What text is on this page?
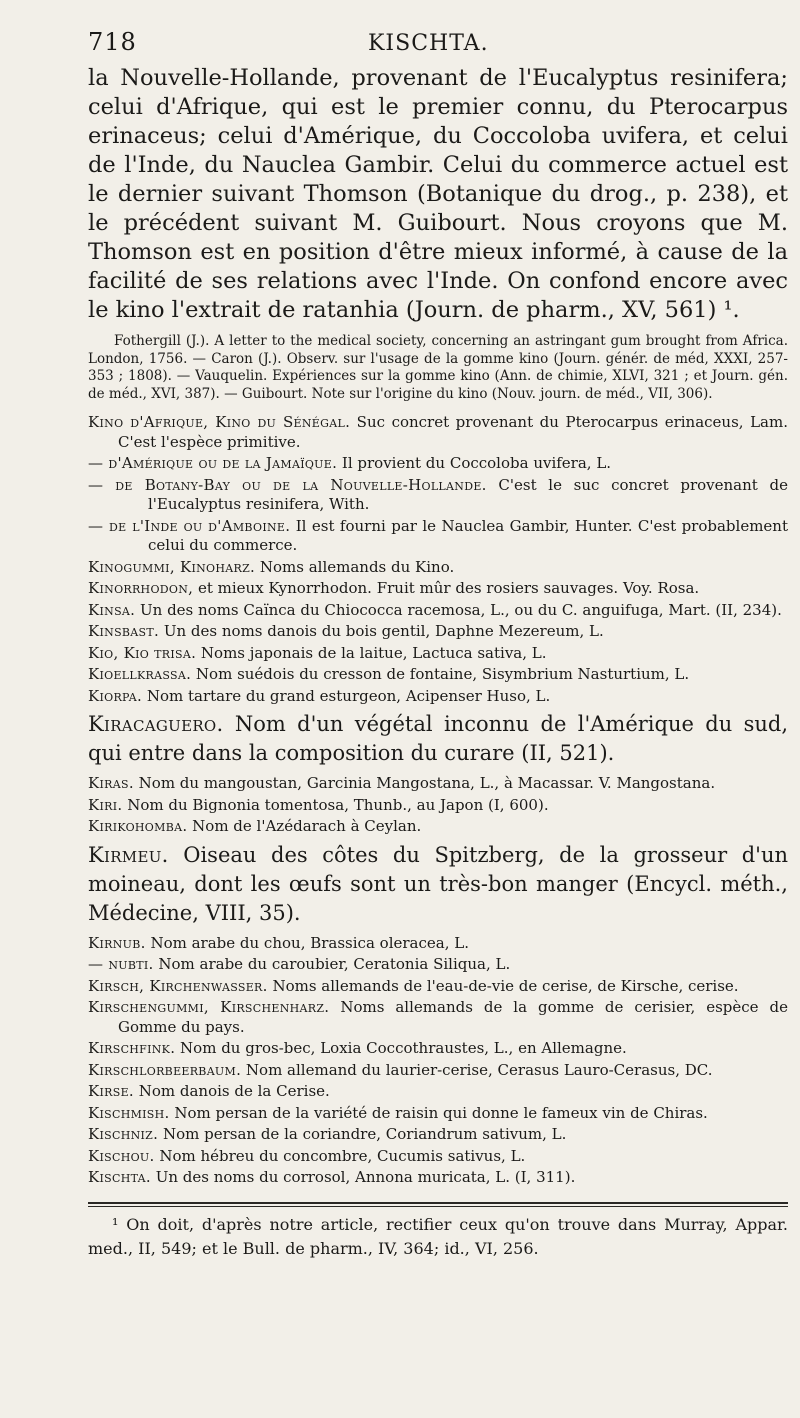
718	KISCHTA.

la Nouvelle-Hollande, provenant de l'Eucalyptus resinifera; celui d'Afrique, qui est le premier connu, du Pterocarpus erinaceus; celui d'Amérique, du Coccoloba uvifera, et celui de l'Inde, du Nauclea Gambir. Celui du commerce actuel est le dernier suivant Thomson (Botanique du drog., p. 238), et le précédent suivant M. Guibourt. Nous croyons que M. Thomson est en position d'être mieux informé, à cause de la facilité de ses relations avec l'Inde. On confond encore avec le kino l'extrait de ratanhia (Journ. de pharm., XV, 561) ¹.

Fothergill (J.). A letter to the medical society, concerning an astringant gum brought from Africa. London, 1756. — Caron (J.). Observ. sur l'usage de la gomme kino (Journ. génér. de méd, XXXI, 257-353 ; 1808). — Vauquelin. Expériences sur la gomme kino (Ann. de chimie, XLVI, 321 ; et Journ. gén. de méd., XVI, 387). — Guibourt. Note sur l'origine du kino (Nouv. journ. de méd., VII, 306).

Kino d'Afrique, Kino du Sénégal. Suc concret provenant du Pterocarpus erinaceus, Lam. C'est l'espèce primitive.

— d'Amérique ou de la Jamaïque. Il provient du Coccoloba uvifera, L.

— de Botany-Bay ou de la Nouvelle-Hollande. C'est le suc concret provenant de l'Eucalyptus resinifera, With.

— de l'Inde ou d'Amboine. Il est fourni par le Nauclea Gambir, Hunter. C'est probablement celui du commerce.

Kinogummi, Kinoharz. Noms allemands du Kino.

Kinorrhodon, et mieux Kynorrhodon. Fruit mûr des rosiers sauvages. Voy. Rosa.

Kinsa. Un des noms Caïnca du Chiococca racemosa, L., ou du C. anguifuga, Mart. (II, 234).

Kinsbast. Un des noms danois du bois gentil, Daphne Mezereum, L.

Kio, Kio trisa. Noms japonais de la laitue, Lactuca sativa, L.

Kioellkrassa. Nom suédois du cresson de fontaine, Sisymbrium Nasturtium, L.

Kiorpa. Nom tartare du grand esturgeon, Acipenser Huso, L.

Kiracaguero. Nom d'un végétal inconnu de l'Amérique du sud, qui entre dans la composition du curare (II, 521).

Kiras. Nom du mangoustan, Garcinia Mangostana, L., à Macassar. V. Mangostana.

Kiri. Nom du Bignonia tomentosa, Thunb., au Japon (I, 600).

Kirikohomba. Nom de l'Azédarach à Ceylan.

Kirmeu. Oiseau des côtes du Spitzberg, de la grosseur d'un moineau, dont les œufs sont un très-bon manger (Encycl. méth., Médecine, VIII, 35).

Kirnub. Nom arabe du chou, Brassica oleracea, L.

— nubti. Nom arabe du caroubier, Ceratonia Siliqua, L.

Kirsch, Kirchenwasser. Noms allemands de l'eau-de-vie de cerise, de Kirsche, cerise.

Kirschengummi, Kirschenharz. Noms allemands de la gomme de cerisier, espèce de Gomme du pays.

Kirschfink. Nom du gros-bec, Loxia Coccothraustes, L., en Allemagne.

Kirschlorbeerbaum. Nom allemand du laurier-cerise, Cerasus Lauro-Cerasus, DC.

Kirse. Nom danois de la Cerise.

Kischmish. Nom persan de la variété de raisin qui donne le fameux vin de Chiras.

Kischniz. Nom persan de la coriandre, Coriandrum sativum, L.

Kischou. Nom hébreu du concombre, Cucumis sativus, L.

Kischta. Un des noms du corrosol, Annona muricata, L. (I, 311).

¹ On doit, d'après notre article, rectifier ceux qu'on trouve dans Murray, Appar. med., II, 549; et le Bull. de pharm., IV, 364; id., VI, 256.
